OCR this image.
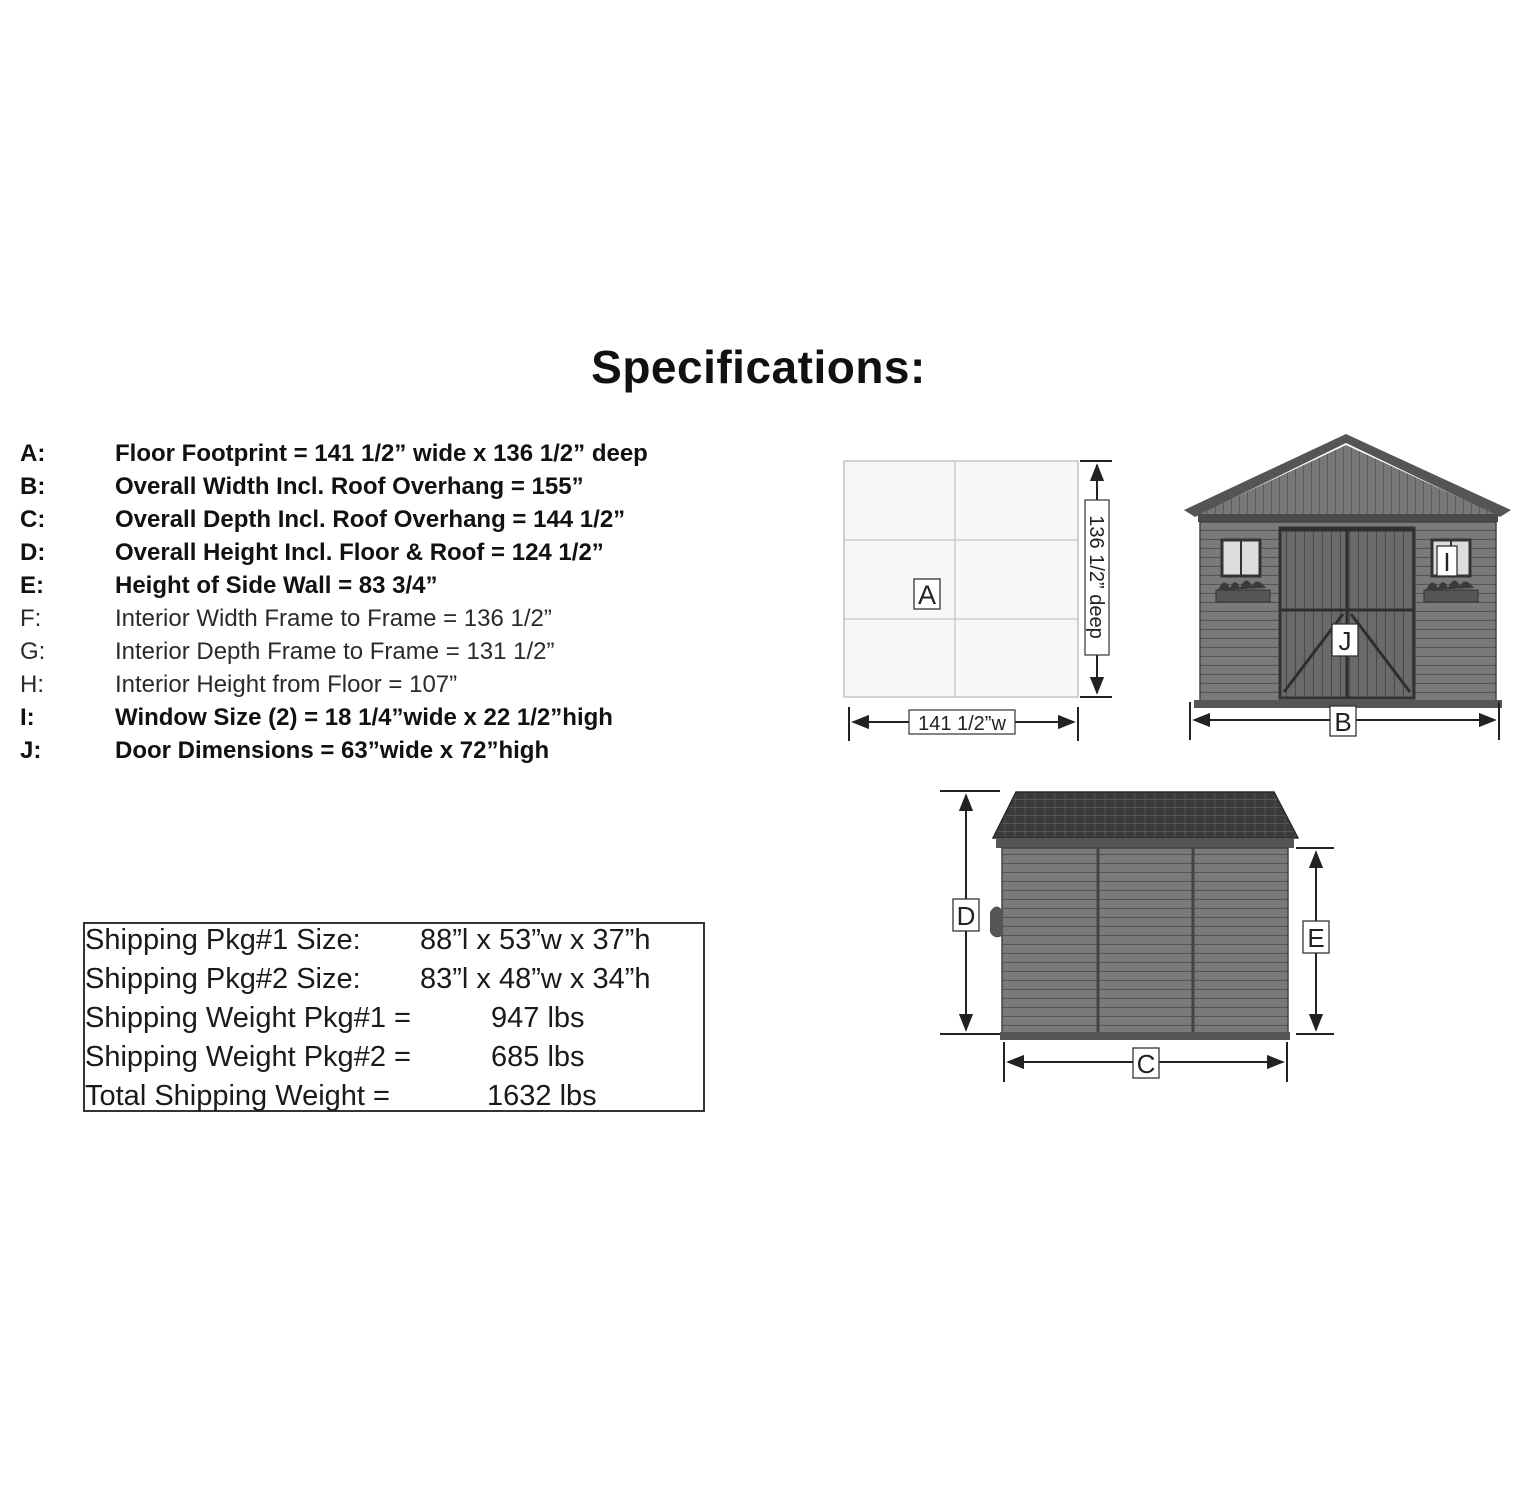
Specifications:
A:	Floor Footprint = 141 1/2” wide x 136 1/2” deep
B:	Overall Width Incl. Roof Overhang = 155”
C:	Overall Depth Incl. Roof Overhang = 144 1/2”
D:	Overall Height Incl. Floor & Roof = 124 1/2”
E:	Height of Side Wall = 83 3/4”
F:	Interior Width Frame to Frame = 136 1/2”
G:	Interior Depth Frame to Frame = 131 1/2”
H:	Interior Height from Floor = 107”
I:	Window Size (2) = 18 1/4”wide x 22 1/2”high
J:	Door Dimensions = 63”wide x 72”high
Shipping Pkg#1 Size: 88”l x 53”w x 37”h
Shipping Pkg#2 Size: 83”l x 48”w x 34”h
Shipping Weight Pkg#1 =	947 lbs
Shipping Weight Pkg#2 =	685 lbs
Total Shipping Weight =	1632 lbs
A
141 1/2”w
136 1/2” deep	I
J
B
D
E
C
